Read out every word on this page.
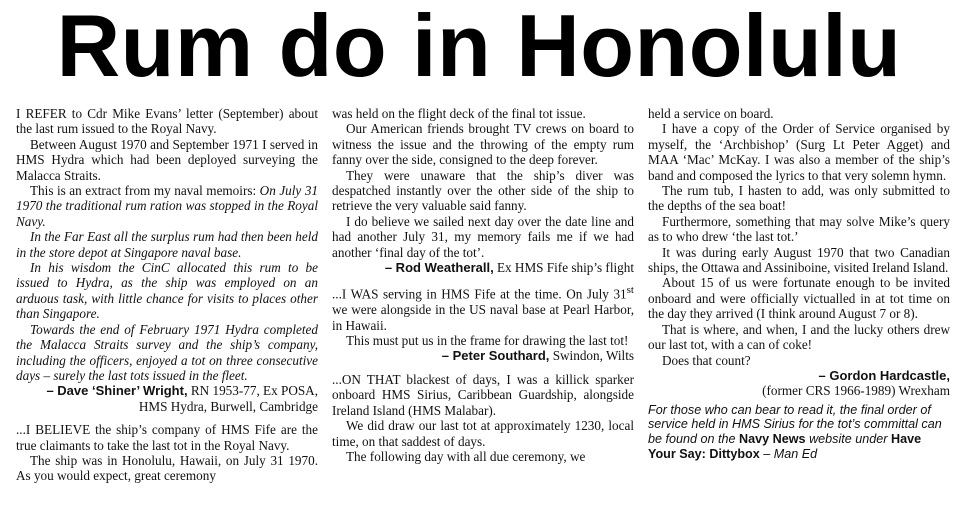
Rum do in Honolulu

I REFER to Cdr Mike Evans’ letter (September) about the last rum issued to the Royal Navy.

Between August 1970 and September 1971 I served in HMS Hydra which had been deployed surveying the Malacca Straits.

This is an extract from my naval memoirs: On July 31 1970 the traditional rum ration was stopped in the Royal Navy.

In the Far East all the surplus rum had then been held in the store depot at Singapore naval base.

In his wisdom the CinC allocated this rum to be issued to Hydra, as the ship was employed on an arduous task, with little chance for visits to places other than Singapore.

Towards the end of February 1971 Hydra completed the Malacca Straits survey and the ship’s company, including the officers, enjoyed a tot on three consecutive days – surely the last tots issued in the fleet.

– Dave ‘Shiner’ Wright, RN 1953-77, Ex POSA, HMS Hydra, Burwell, Cambridge

...I BELIEVE the ship’s company of HMS Fife are the true claimants to take the last tot in the Royal Navy.

The ship was in Honolulu, Hawaii, on July 31 1970. As you would expect, great ceremony

was held on the flight deck of the final tot issue.

Our American friends brought TV crews on board to witness the issue and the throwing of the empty rum fanny over the side, consigned to the deep forever.

They were unaware that the ship’s diver was despatched instantly over the other side of the ship to retrieve the very valuable said fanny.

I do believe we sailed next day over the date line and had another July 31, my memory fails me if we had another ‘final day of the tot’.

– Rod Weatherall, Ex HMS Fife ship’s flight

...I WAS serving in HMS Fife at the time. On July 31st we were alongside in the US naval base at Pearl Harbor, in Hawaii.

This must put us in the frame for drawing the last tot!

– Peter Southard, Swindon, Wilts

...ON THAT blackest of days, I was a killick sparker onboard HMS Sirius, Caribbean Guardship, alongside Ireland Island (HMS Malabar).

We did draw our last tot at approximately 1230, local time, on that saddest of days.

The following day with all due ceremony, we

held a service on board.

I have a copy of the Order of Service organised by myself, the ‘Archbishop’ (Surg Lt Peter Agget) and MAA ‘Mac’ McKay. I was also a member of the ship’s band and composed the lyrics to that very solemn hymn.

The rum tub, I hasten to add, was only submitted to the depths of the sea boat!

Furthermore, something that may solve Mike’s query as to who drew ‘the last tot.’

It was during early August 1970 that two Canadian ships, the Ottawa and Assiniboine, visited Ireland Island.

About 15 of us were fortunate enough to be invited onboard and were officially victualled in at tot time on the day they arrived (I think around August 7 or 8).

That is where, and when, I and the lucky others drew our last tot, with a can of coke!

Does that count?

– Gordon Hardcastle,
(former CRS 1966-1989) Wrexham

For those who can bear to read it, the final order of service held in HMS Sirius for the tot’s committal can be found on the Navy News website under Have Your Say: Dittybox – Man Ed
